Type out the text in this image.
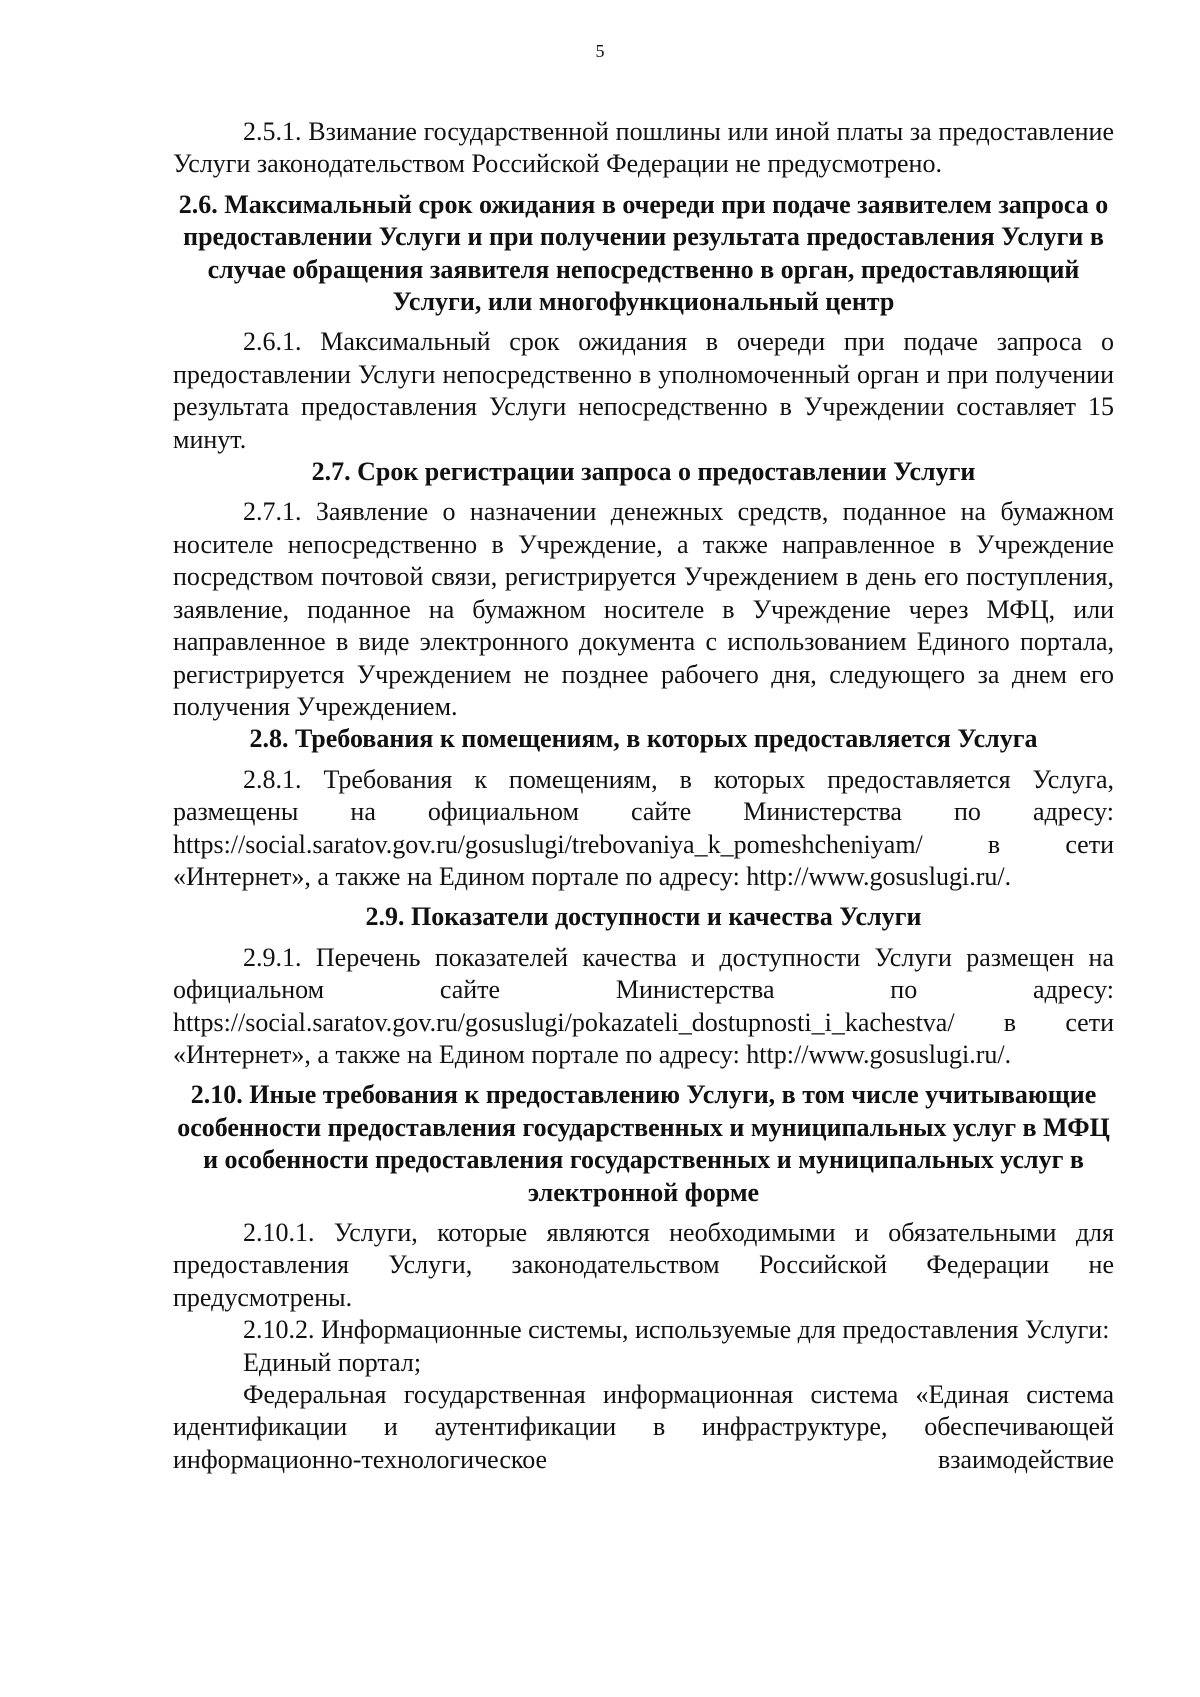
5

2.5.1. Взимание государственной пошлины или иной платы за предоставление Услуги законодательством Российской Федерации не предусмотрено.

2.6. Максимальный срок ожидания в очереди при подаче заявителем запроса о предоставлении Услуги и при получении результата предоставления Услуги в случае обращения заявителя непосредственно в орган, предоставляющий Услуги, или многофункциональный центр

2.6.1. Максимальный срок ожидания в очереди при подаче запроса о предоставлении Услуги непосредственно в уполномоченный орган и при получении результата предоставления Услуги непосредственно в Учреждении составляет 15 минут.

2.7. Срок регистрации запроса о предоставлении Услуги

2.7.1. Заявление о назначении денежных средств, поданное на бумажном носителе непосредственно в Учреждение, а также направленное в Учреждение посредством почтовой связи, регистрируется Учреждением в день его поступления, заявление, поданное на бумажном носителе в Учреждение через МФЦ, или направленное в виде электронного документа с использованием Единого портала, регистрируется Учреждением не позднее рабочего дня, следующего за днем его получения Учреждением.

2.8. Требования к помещениям, в которых предоставляется Услуга

2.8.1. Требования к помещениям, в которых предоставляется Услуга, размещены на официальном сайте Министерства по адресу: https://social.saratov.gov.ru/gosuslugi/trebovaniya_k_pomeshcheniyam/ в сети «Интернет», а также на Едином портале по адресу: http://www.gosuslugi.ru/.

2.9. Показатели доступности и качества Услуги

2.9.1. Перечень показателей качества и доступности Услуги размещен на официальном сайте Министерства по адресу: https://social.saratov.gov.ru/gosuslugi/pokazateli_dostupnosti_i_kachestva/ в сети «Интернет», а также на Едином портале по адресу: http://www.gosuslugi.ru/.

2.10. Иные требования к предоставлению Услуги, в том числе учитывающие особенности предоставления государственных и муниципальных услуг в МФЦ и особенности предоставления государственных и муниципальных услуг в электронной форме

2.10.1. Услуги, которые являются необходимыми и обязательными для предоставления Услуги, законодательством Российской Федерации не предусмотрены.

2.10.2. Информационные системы, используемые для предоставления Услуги:

Единый портал;

Федеральная государственная информационная система «Единая система идентификации и аутентификации в инфраструктуре, обеспечивающей информационно-технологическое взаимодействие
